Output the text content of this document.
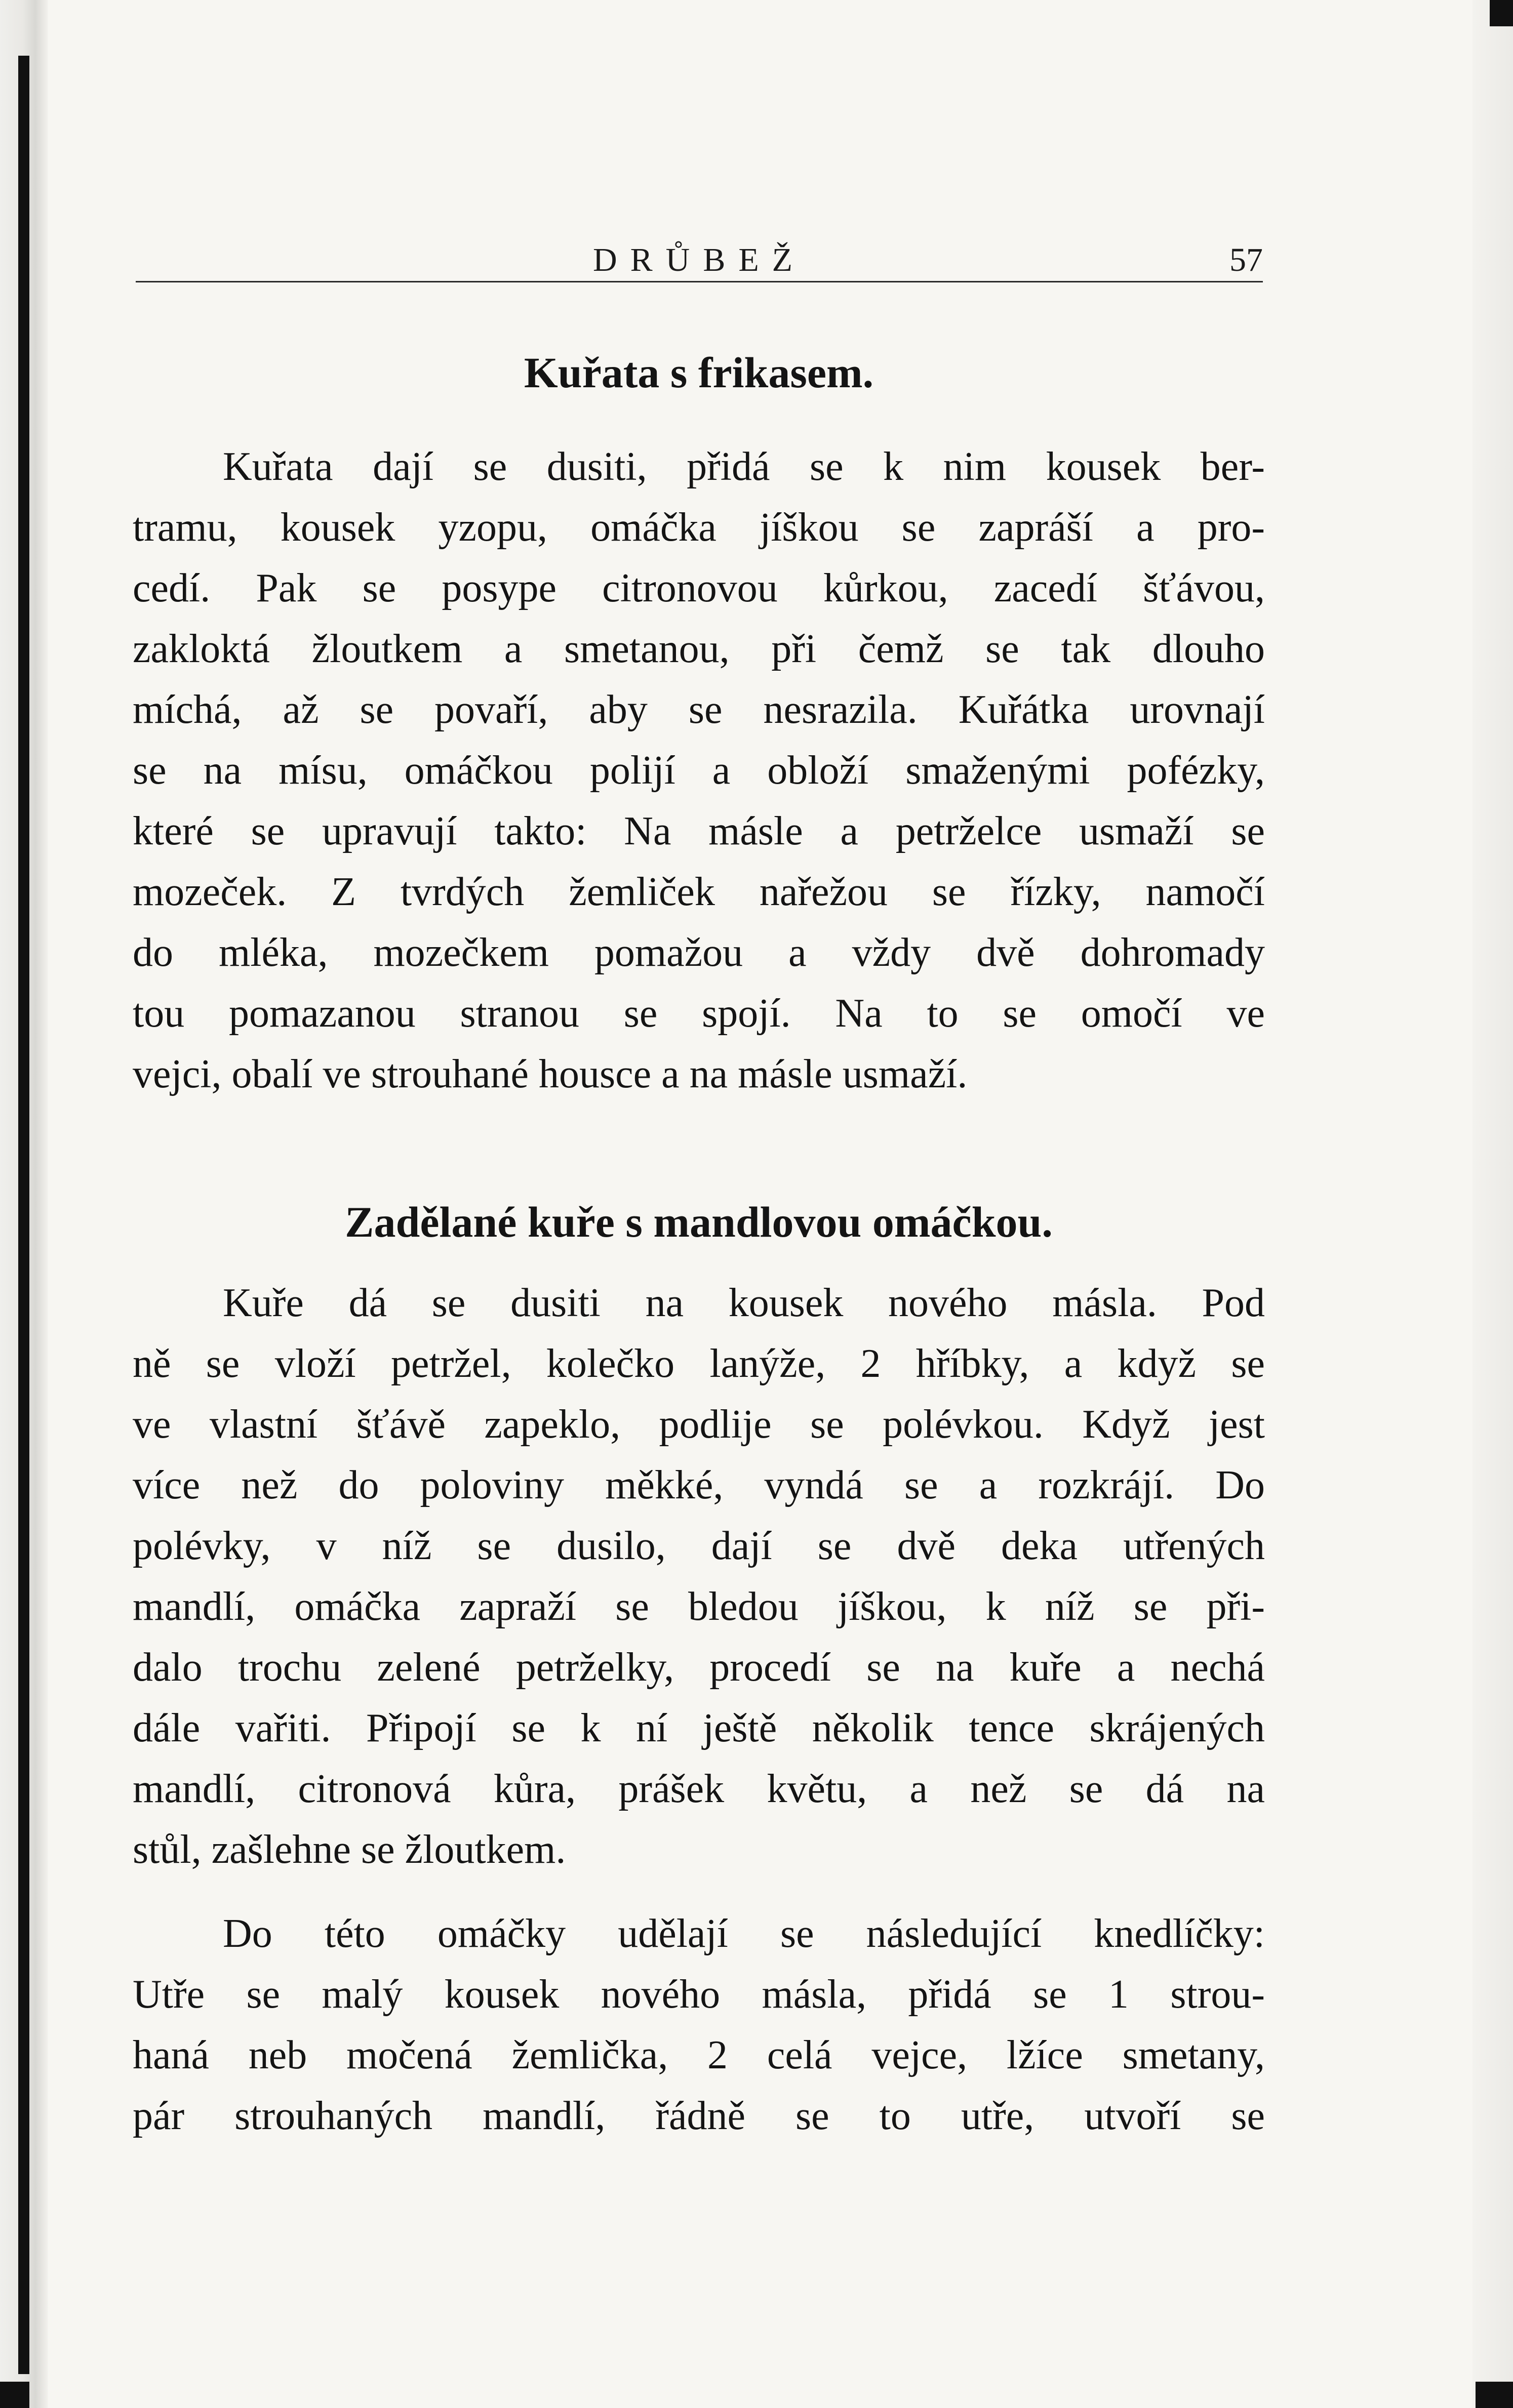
DRŮBEŽ	57
Kuřata s frikasem.

Kuřata dají se dusiti, přidá se k nim kousek ber-
tramu, kousek yzopu, omáčka jíškou se zapráší a pro-
cedí. Pak se posype citronovou kůrkou, zacedí šťávou,
zaklоktá žloutkem a smetanou, při čemž se tak dlouho
míchá, až se povaří, aby se nesrazila. Kuřátka urovnají
se na mísu, omáčkou polijí a obloží smaženými pofézky,
které se upravují takto: Na másle a petrželce usmaží se
mozeček. Z tvrdých žemliček nařežou se řízky, namočí
do mléka, mozečkem pomažou a vždy dvě dohromady
tou pomazanou stranou se spojí. Na to se omočí ve
vejci, obalí ve strouhané housce a na másle usmaží.

Zadělané kuře s mandlovou omáčkou.

Kuře dá se dusiti na kousek nového másla. Pod
ně se vloží petržel, kolečko lanýže, 2 hříbky, a když se
ve vlastní šťávě zapeklo, podlije se polévkou. Když jest
více než do poloviny měkké, vyndá se a rozkrájí. Do
polévky, v níž se dusilo, dají se dvě deka utřených
mandlí, omáčka zapraží se bledou jíškou, k níž se při-
dalo trochu zelené petrželky, procedí se na kuře a nechá
dále vařiti. Připojí se k ní ještě několik tence skrájených
mandlí, citronová kůra, prášek květu, a než se dá na
stůl, zašlehne se žloutkem.

Do této omáčky udělají se následující knedlíčky:
Utře se malý kousek nového másla, přidá se 1 strou-
haná neb močená žemlička, 2 celá vejce, lžíce smetany,
pár strouhaných mandlí, řádně se to utře, utvoří se
